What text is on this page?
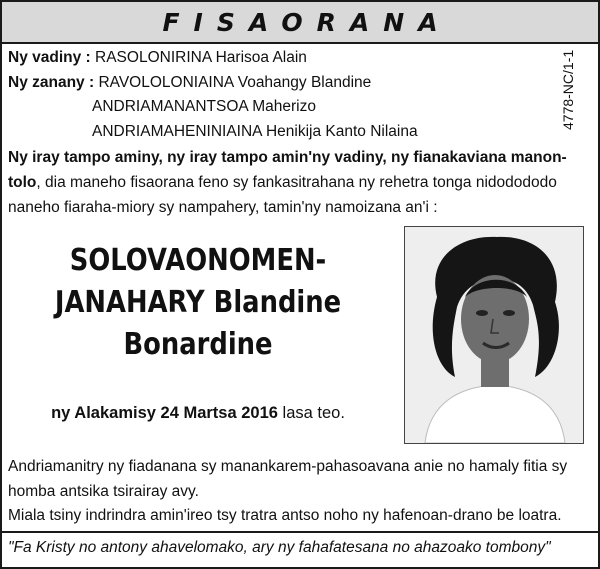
FISAORANA
4778-NC/1-1
Ny vadiny : RASOLONIRINA Harisoa Alain
Ny zanany : RAVOLOLONIAINA Voahangy Blandine
ANDRIAMANANTSOA Maherizo
ANDRIAMAHENINIAINA Henikija Kanto Nilaina
Ny iray tampo aminy, ny iray tampo amin'ny vadiny, ny fianakaviana manon-
tolo, dia maneho fisaorana feno sy fankasitrahana ny rehetra tonga nidodododo
naneho fiaraha-miory sy nampahery, tamin'ny namoizana an'i :
SOLOVAONOMEN-
JANAHARY Blandine
Bonardine
ny Alakamisy 24 Martsa 2016 lasa teo.
Andriamanitry ny fiadanana sy manankarem-pahasoavana anie no hamaly fitia sy
homba antsika tsirairay avy.
Miala tsiny indrindra amin'ireo tsy tratra antso noho ny hafenoan-drano be loatra.
"Fa Kristy no antony ahavelomako, ary ny fahafatesana no ahazoako tombony"
